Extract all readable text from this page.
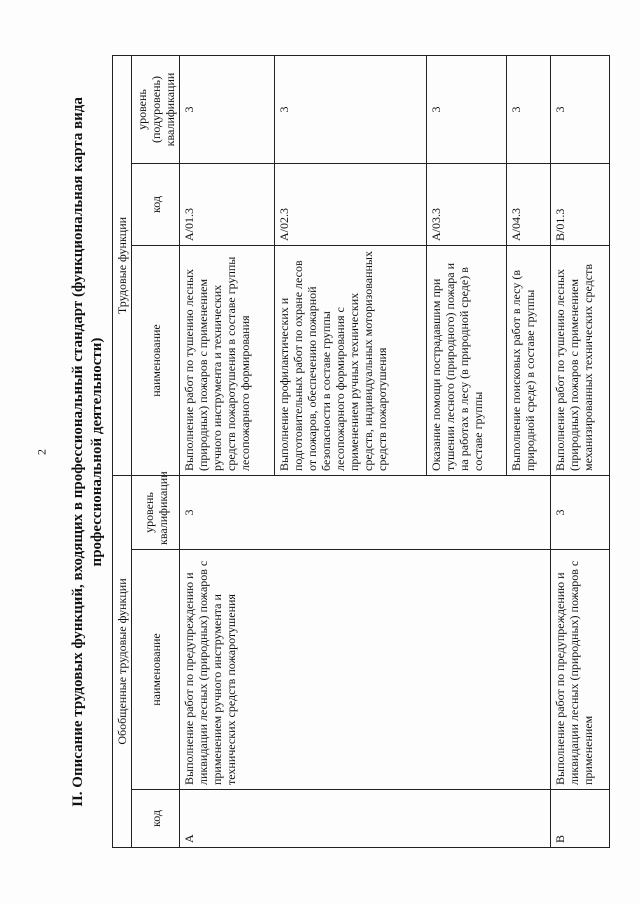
2 II. Описание трудовых функций, входящих в профессиональный стандарт (функциональная карта вида профессиональной деятельности)
Обобщенные трудовые функции			Трудовые функции		
код	наименование	уровень квалификации	наименование	код	уровень (подуровень) квалификации
A	Выполнение работ по предупреждению и ликвидации лесных (природных) пожаров с применением ручного инструмента и технических средств пожаротушения	3	Выполнение работ по тушению лесных (природных) пожаров с применением ручного инструмента и технических средств пожаротушения в составе группы лесопожарного формирования	A/01.3	3
			Выполнение профилактических и подготовительных работ по охране лесов от пожаров, обеспечению пожарной безопасности в составе группы лесопожарного формирования с применением ручных технических средств, индивидуальных моторизованных средств пожаротушения	A/02.3	3
			Оказание помощи пострадавшим при тушении лесного (природного) пожара и на работах в лесу (в природной среде) в составе группы	A/03.3	3
			Выполнение поисковых работ в лесу (в природной среде) в составе группы	A/04.3	3
B	Выполнение работ по предупреждению и ликвидации лесных (природных) пожаров с применением	3	Выполнение работ по тушению лесных (природных) пожаров с применением механизированных технических средств	B/01.3	3
